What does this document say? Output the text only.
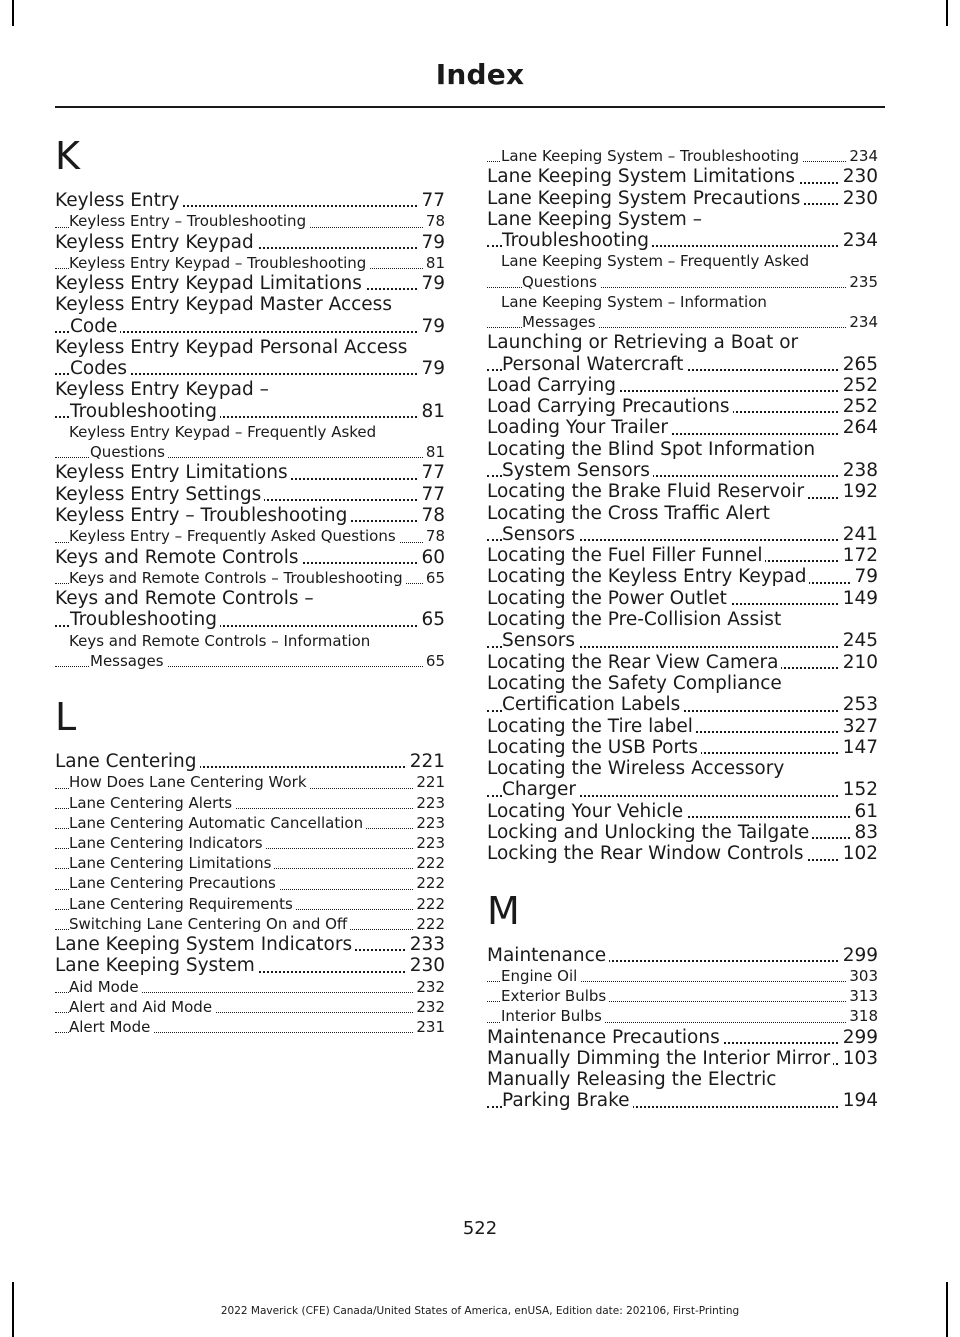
Index
K
Keyless Entry	77
Keyless Entry – Troubleshooting	78
Keyless Entry Keypad	79
Keyless Entry Keypad – Troubleshooting	81
Keyless Entry Keypad Limitations	79
Keyless Entry Keypad Master Access Code	79
Keyless Entry Keypad Personal Access Codes	79
Keyless Entry Keypad – Troubleshooting	81
Keyless Entry Keypad – Frequently Asked Questions	81
Keyless Entry Limitations	77
Keyless Entry Settings	77
Keyless Entry – Troubleshooting	78
Keyless Entry – Frequently Asked Questions 78
Keys and Remote Controls	60
Keys and Remote Controls – Troubleshooting 65
Keys and Remote Controls – Troubleshooting	65
Keys and Remote Controls – Information Messages	65
L
Lane Centering	221
How Does Lane Centering Work	221
Lane Centering Alerts	223
Lane Centering Automatic Cancellation	223
Lane Centering Indicators	223
Lane Centering Limitations	222
Lane Centering Precautions	222
Lane Centering Requirements	222
Switching Lane Centering On and Off	222
Lane Keeping System Indicators	233
Lane Keeping System	230
Aid Mode	232
Alert and Aid Mode	232
Alert Mode	231
Lane Keeping System – Troubleshooting	234
Lane Keeping System Limitations	230
Lane Keeping System Precautions 230
Lane Keeping System – Troubleshooting	234
Lane Keeping System – Frequently Asked Questions	235
Lane Keeping System – Information Messages	234
Launching or Retrieving a Boat or Personal Watercraft	265
Load Carrying	252
Load Carrying Precautions	252
Loading Your Trailer	264
Locating the Blind Spot Information System Sensors	238
Locating the Brake Fluid Reservoir 192
Locating the Cross Traffic Alert Sensors	241
Locating the Fuel Filler Funnel	172
Locating the Keyless Entry Keypad	79
Locating the Power Outlet	149
Locating the Pre-Collision Assist Sensors	245
Locating the Rear View Camera	210
Locating the Safety Compliance Certification Labels	253
Locating the Tire label	327
Locating the USB Ports	147
Locating the Wireless Accessory Charger	152
Locating Your Vehicle	61
Locking and Unlocking the Tailgate 83
Locking the Rear Window Controls 102
M
Maintenance	299
Engine Oil	303
Exterior Bulbs	313
Interior Bulbs	318
Maintenance Precautions	299
Manually Dimming the Interior Mirror 103
Manually Releasing the Electric Parking Brake	194
522
2022 Maverick (CFE) Canada/United States of America, enUSA, Edition date: 202106, First-Printing
